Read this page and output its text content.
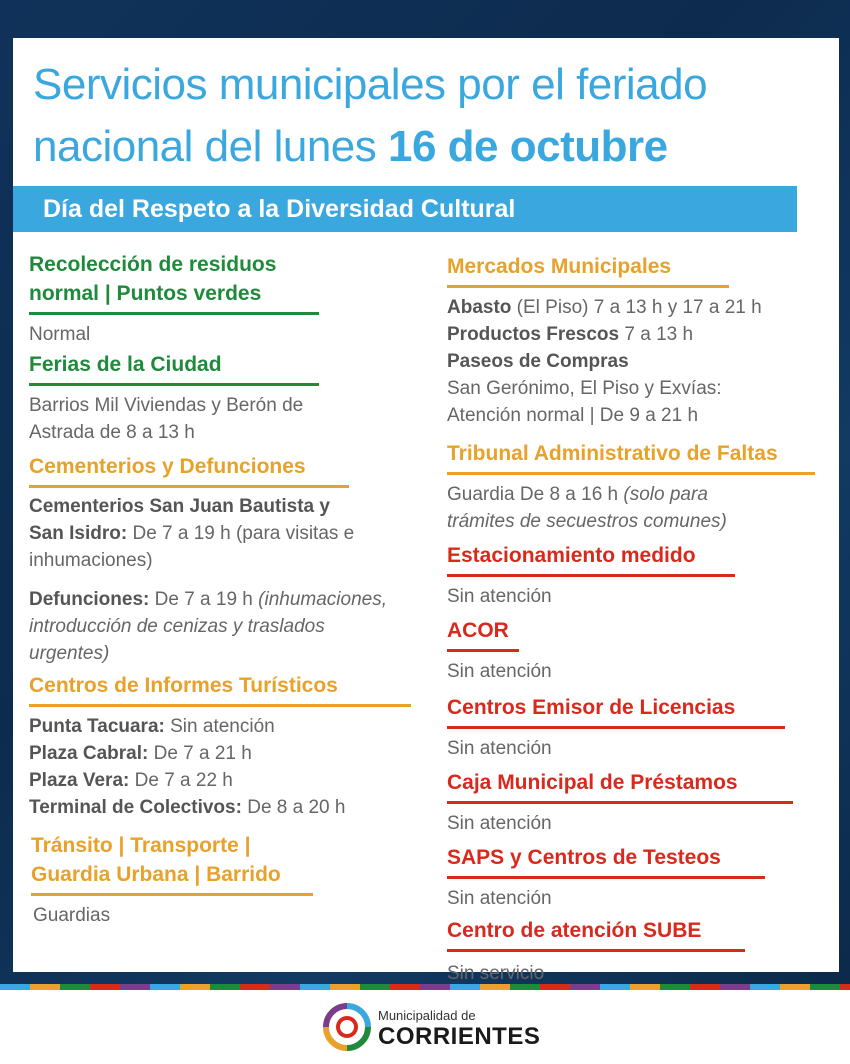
Servicios municipales por el feriado
nacional del lunes 16 de octubre
Día del Respeto a la Diversidad Cultural
Recolección de residuos
normal | Puntos verdes
Normal
Ferias de la Ciudad
Barrios Mil Viviendas y Berón de
Astrada de 8 a 13 h
Cementerios y Defunciones
Cementerios San Juan Bautista y
San Isidro: De 7 a 19 h (para visitas e
inhumaciones)
Defunciones: De 7 a 19 h (inhumaciones,
introducción de cenizas y traslados
urgentes)
Centros de Informes Turísticos
Punta Tacuara: Sin atención
Plaza Cabral: De 7 a 21 h
Plaza Vera: De 7 a 22 h
Terminal de Colectivos: De 8 a 20 h
Tránsito | Transporte |
Guardia Urbana | Barrido
Guardias
Mercados Municipales
Abasto (El Piso) 7 a 13 h y 17 a 21 h
Productos Frescos 7 a 13 h
Paseos de Compras
San Gerónimo, El Piso y Exvías:
Atención normal | De 9 a 21 h
Tribunal Administrativo de Faltas
Guardia De 8 a 16 h (solo para
trámites de secuestros comunes)
Estacionamiento medido
Sin atención
ACOR
Sin atención
Centros Emisor de Licencias
Sin atención
Caja Municipal de Préstamos
Sin atención
SAPS y Centros de Testeos
Sin atención
Centro de atención SUBE
Sin servicio
Municipalidad de
CORRIENTES
